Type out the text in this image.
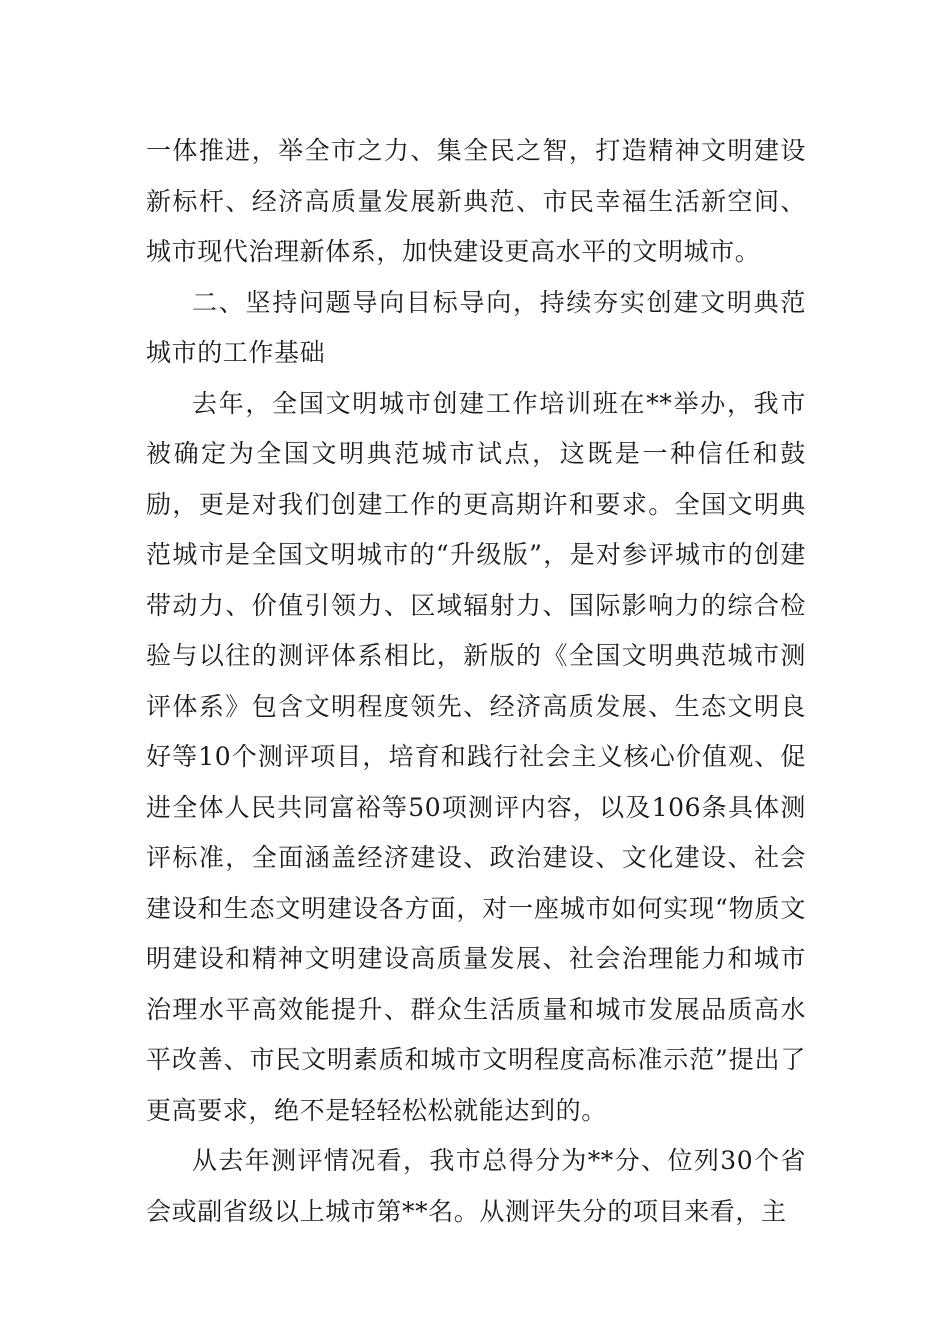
一体推进，举全市之力、集全民之智，打造精神文明建设新标杆、经济高质量发展新典范、市民幸福生活新空间、城市现代治理新体系，加快建设更高水平的文明城市。

二、坚持问题导向目标导向，持续夯实创建文明典范城市的工作基础

去年，全国文明城市创建工作培训班在**举办，我市被确定为全国文明典范城市试点，这既是一种信任和鼓励，更是对我们创建工作的更高期许和要求。全国文明典范城市是全国文明城市的“升级版”，是对参评城市的创建带动力、价值引领力、区域辐射力、国际影响力的综合检验与以往的测评体系相比，新版的《全国文明典范城市测评体系》包含文明程度领先、经济高质发展、生态文明良好等10个测评项目，培育和践行社会主义核心价值观、促进全体人民共同富裕等50项测评内容，以及106条具体测评标准，全面涵盖经济建设、政治建设、文化建设、社会建设和生态文明建设各方面，对一座城市如何实现“物质文明建设和精神文明建设高质量发展、社会治理能力和城市治理水平高效能提升、群众生活质量和城市发展品质高水平改善、市民文明素质和城市文明程度高标准示范”提出了更高要求，绝不是轻轻松松就能达到的。

从去年测评情况看，我市总得分为**分、位列30个省会或副省级以上城市第**名。从测评失分的项目来看，主
